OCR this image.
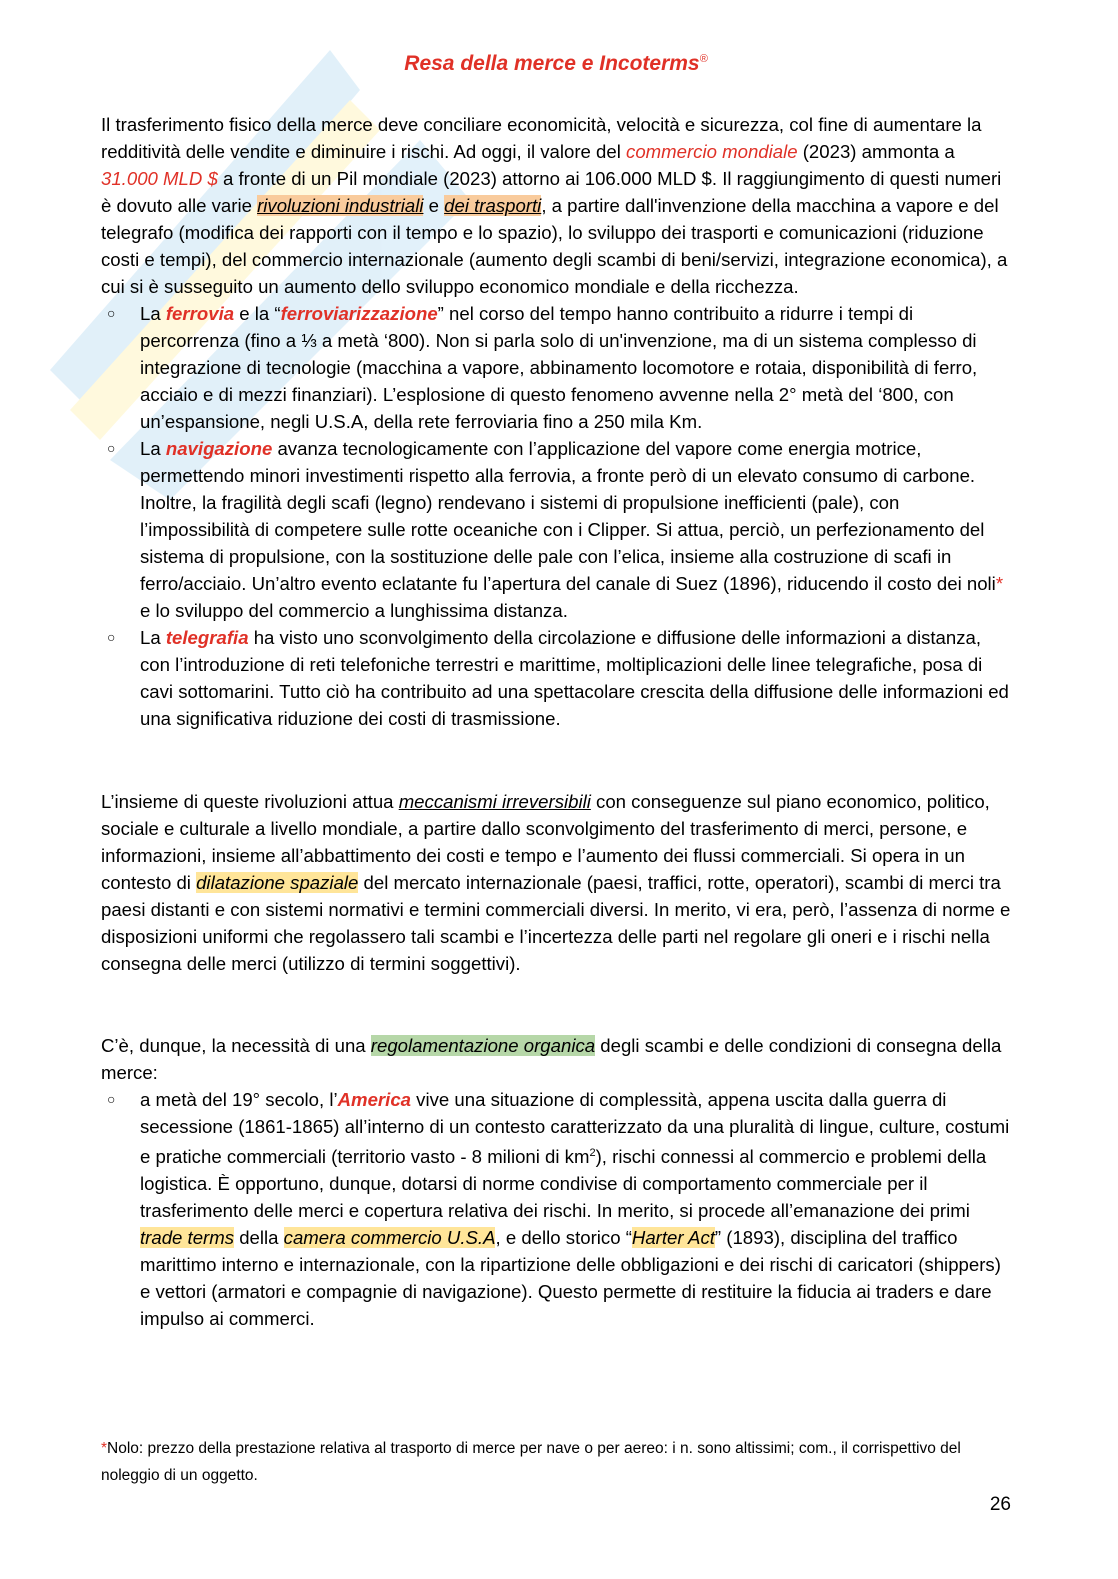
Resa della merce e Incoterms®

Il trasferimento fisico della merce deve conciliare economicità, velocità e sicurezza, col fine di aumentare la redditività delle vendite e diminuire i rischi. Ad oggi, il valore del commercio mondiale (2023) ammonta a 31.000 MLD $ a fronte di un Pil mondiale (2023) attorno ai 106.000 MLD $. Il raggiungimento di questi numeri è dovuto alle varie rivoluzioni industriali e dei trasporti, a partire dall'invenzione della macchina a vapore e del telegrafo (modifica dei rapporti con il tempo e lo spazio), lo sviluppo dei trasporti e comunicazioni (riduzione costi e tempi), del commercio internazionale (aumento degli scambi di beni/servizi, integrazione economica), a cui si è susseguito un aumento dello sviluppo economico mondiale e della ricchezza.

○ La ferrovia e la “ferroviarizzazione” nel corso del tempo hanno contribuito a ridurre i tempi di percorrenza (fino a ⅓ a metà ‘800). Non si parla solo di un'invenzione, ma di un sistema complesso di integrazione di tecnologie (macchina a vapore, abbinamento locomotore e rotaia, disponibilità di ferro, acciaio e di mezzi finanziari). L’esplosione di questo fenomeno avvenne nella 2° metà del ‘800, con un’espansione, negli U.S.A, della rete ferroviaria fino a 250 mila Km.
○ La navigazione avanza tecnologicamente con l’applicazione del vapore come energia motrice, permettendo minori investimenti rispetto alla ferrovia, a fronte però di un elevato consumo di carbone. Inoltre, la fragilità degli scafi (legno) rendevano i sistemi di propulsione inefficienti (pale), con l’impossibilità di competere sulle rotte oceaniche con i Clipper. Si attua, perciò, un perfezionamento del sistema di propulsione, con la sostituzione delle pale con l’elica, insieme alla costruzione di scafi in ferro/acciaio. Un’altro evento eclatante fu l’apertura del canale di Suez (1896), riducendo il costo dei noli* e lo sviluppo del commercio a lunghissima distanza.
○ La telegrafia ha visto uno sconvolgimento della circolazione e diffusione delle informazioni a distanza, con l’introduzione di reti telefoniche terrestri e marittime, moltiplicazioni delle linee telegrafiche, posa di cavi sottomarini. Tutto ciò ha contribuito ad una spettacolare crescita della diffusione delle informazioni ed una significativa riduzione dei costi di trasmissione.

L’insieme di queste rivoluzioni attua meccanismi irreversibili con conseguenze sul piano economico, politico, sociale e culturale a livello mondiale, a partire dallo sconvolgimento del trasferimento di merci, persone, e informazioni, insieme all’abbattimento dei costi e tempo e l’aumento dei flussi commerciali. Si opera in un contesto di dilatazione spaziale del mercato internazionale (paesi, traffici, rotte, operatori), scambi di merci tra paesi distanti e con sistemi normativi e termini commerciali diversi. In merito, vi era, però, l’assenza di norme e disposizioni uniformi che regolassero tali scambi e l’incertezza delle parti nel regolare gli oneri e i rischi nella consegna delle merci (utilizzo di termini soggettivi).

C’è, dunque, la necessità di una regolamentazione organica degli scambi e delle condizioni di consegna della merce:

○ a metà del 19° secolo, l’America vive una situazione di complessità, appena uscita dalla guerra di secessione (1861-1865) all’interno di un contesto caratterizzato da una pluralità di lingue, culture, costumi e pratiche commerciali (territorio vasto - 8 milioni di $km^2$), rischi connessi al commercio e problemi della logistica. È opportuno, dunque, dotarsi di norme condivise di comportamento commerciale per il trasferimento delle merci e copertura relativa dei rischi. In merito, si procede all’emanazione dei primi trade terms della camera commercio U.S.A, e dello storico “Harter Act” (1893), disciplina del traffico marittimo interno e internazionale, con la ripartizione delle obbligazioni e dei rischi di caricatori (shippers) e vettori (armatori e compagnie di navigazione). Questo permette di restituire la fiducia ai traders e dare impulso ai commerci.
*Nolo: prezzo della prestazione relativa al trasporto di merce per nave o per aereo: i n. sono altissimi; com., il corrispettivo del noleggio di un oggetto.
26
